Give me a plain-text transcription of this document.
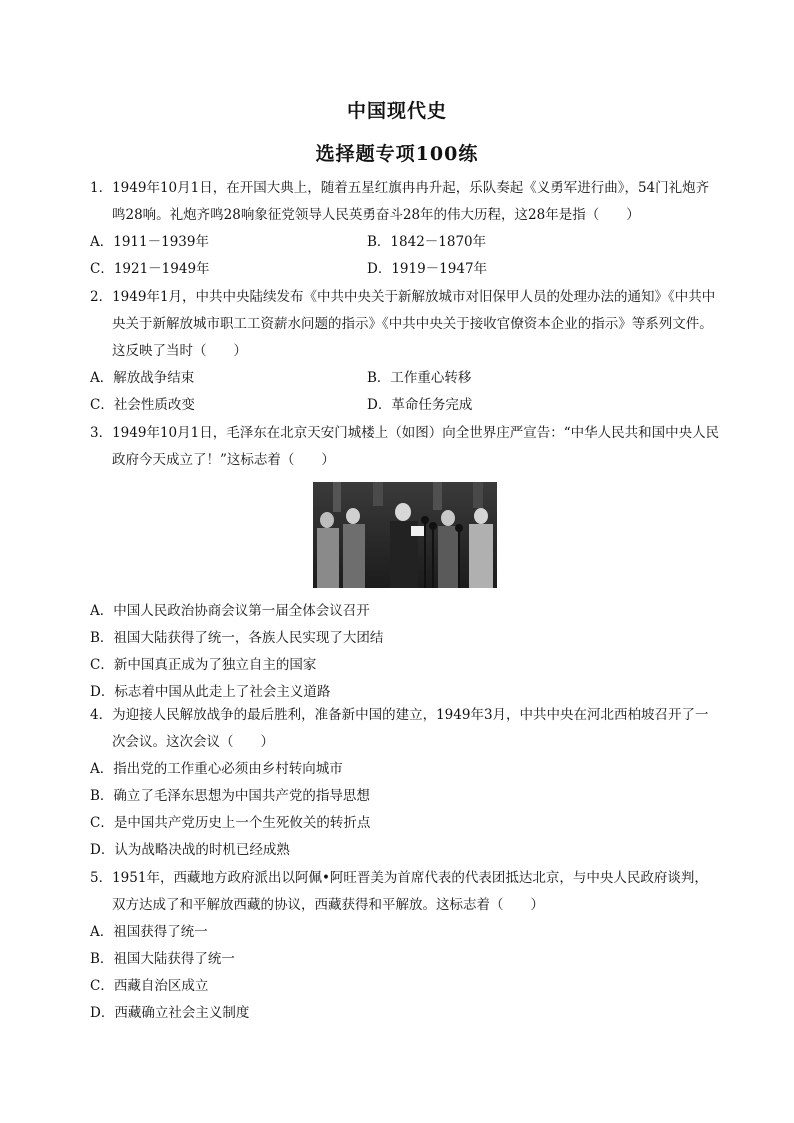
中国现代史
选择题专项100练
1．1949年10月1日，在开国大典上，随着五星红旗冉冉升起，乐队奏起《义勇军进行曲》，54门礼炮齐鸣28响。礼炮齐鸣28响象征党领导人民英勇奋斗28年的伟大历程，这28年是指（　　）
A．1911－1939年	B．1842－1870年
C．1921－1949年	D．1919－1947年
2．1949年1月，中共中央陆续发布《中共中央关于新解放城市对旧保甲人员的处理办法的通知》《中共中央关于新解放城市职工工资薪水问题的指示》《中共中央关于接收官僚资本企业的指示》等系列文件。这反映了当时（　　）
A．解放战争结束	B．工作重心转移
C．社会性质改变	D．革命任务完成
3．1949年10月1日，毛泽东在北京天安门城楼上（如图）向全世界庄严宣告：“中华人民共和国中央人民政府今天成立了！”这标志着（　　）
A．中国人民政治协商会议第一届全体会议召开
B．祖国大陆获得了统一，各族人民实现了大团结
C．新中国真正成为了独立自主的国家
D．标志着中国从此走上了社会主义道路
4．为迎接人民解放战争的最后胜利，准备新中国的建立，1949年3月，中共中央在河北西柏坡召开了一次会议。这次会议（　　）
A．指出党的工作重心必须由乡村转向城市
B．确立了毛泽东思想为中国共产党的指导思想
C．是中国共产党历史上一个生死攸关的转折点
D．认为战略决战的时机已经成熟
5．1951年，西藏地方政府派出以阿佩•阿旺晋美为首席代表的代表团抵达北京，与中央人民政府谈判，双方达成了和平解放西藏的协议，西藏获得和平解放。这标志着（　　）
A．祖国获得了统一
B．祖国大陆获得了统一
C．西藏自治区成立
D．西藏确立社会主义制度
